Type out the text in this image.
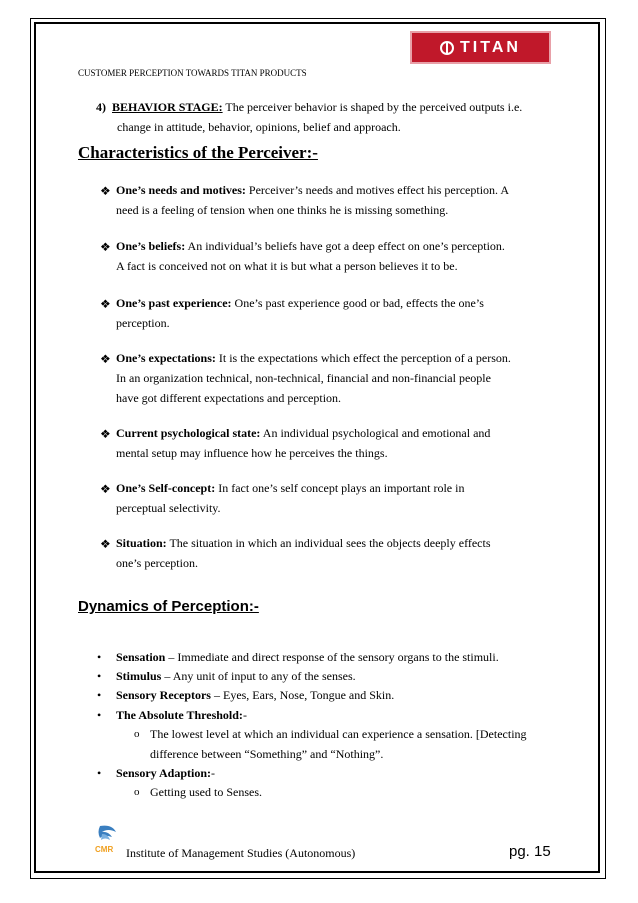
TITAN
CUSTOMER PERCEPTION TOWARDS TITAN PRODUCTS
4) BEHAVIOR STAGE: The perceiver behavior is shaped by the perceived outputs i.e.
change in attitude, behavior, opinions, belief and approach.
Characteristics of the Perceiver:-
❖ One’s needs and motives: Perceiver’s needs and motives effect his perception. A
need is a feeling of tension when one thinks he is missing something.
❖ One’s beliefs: An individual’s beliefs have got a deep effect on one’s perception.
A fact is conceived not on what it is but what a person believes it to be.
❖ One’s past experience: One’s past experience good or bad, effects the one’s
perception.
❖ One’s expectations: It is the expectations which effect the perception of a person.
In an organization technical, non-technical, financial and non-financial people
have got different expectations and perception.
❖ Current psychological state: An individual psychological and emotional and
mental setup may influence how he perceives the things.
❖ One’s Self-concept: In fact one’s self concept plays an important role in
perceptual selectivity.
❖ Situation: The situation in which an individual sees the objects deeply effects
one’s perception.
Dynamics of Perception:-
• Sensation – Immediate and direct response of the sensory organs to the stimuli.
• Stimulus – Any unit of input to any of the senses.
• Sensory Receptors – Eyes, Ears, Nose, Tongue and Skin.
• The Absolute Threshold:-
o The lowest level at which an individual can experience a sensation. [Detecting
difference between “Something” and “Nothing”.
• Sensory Adaption:-
o Getting used to Senses.
CMR Institute of Management Studies (Autonomous)	pg. 15
